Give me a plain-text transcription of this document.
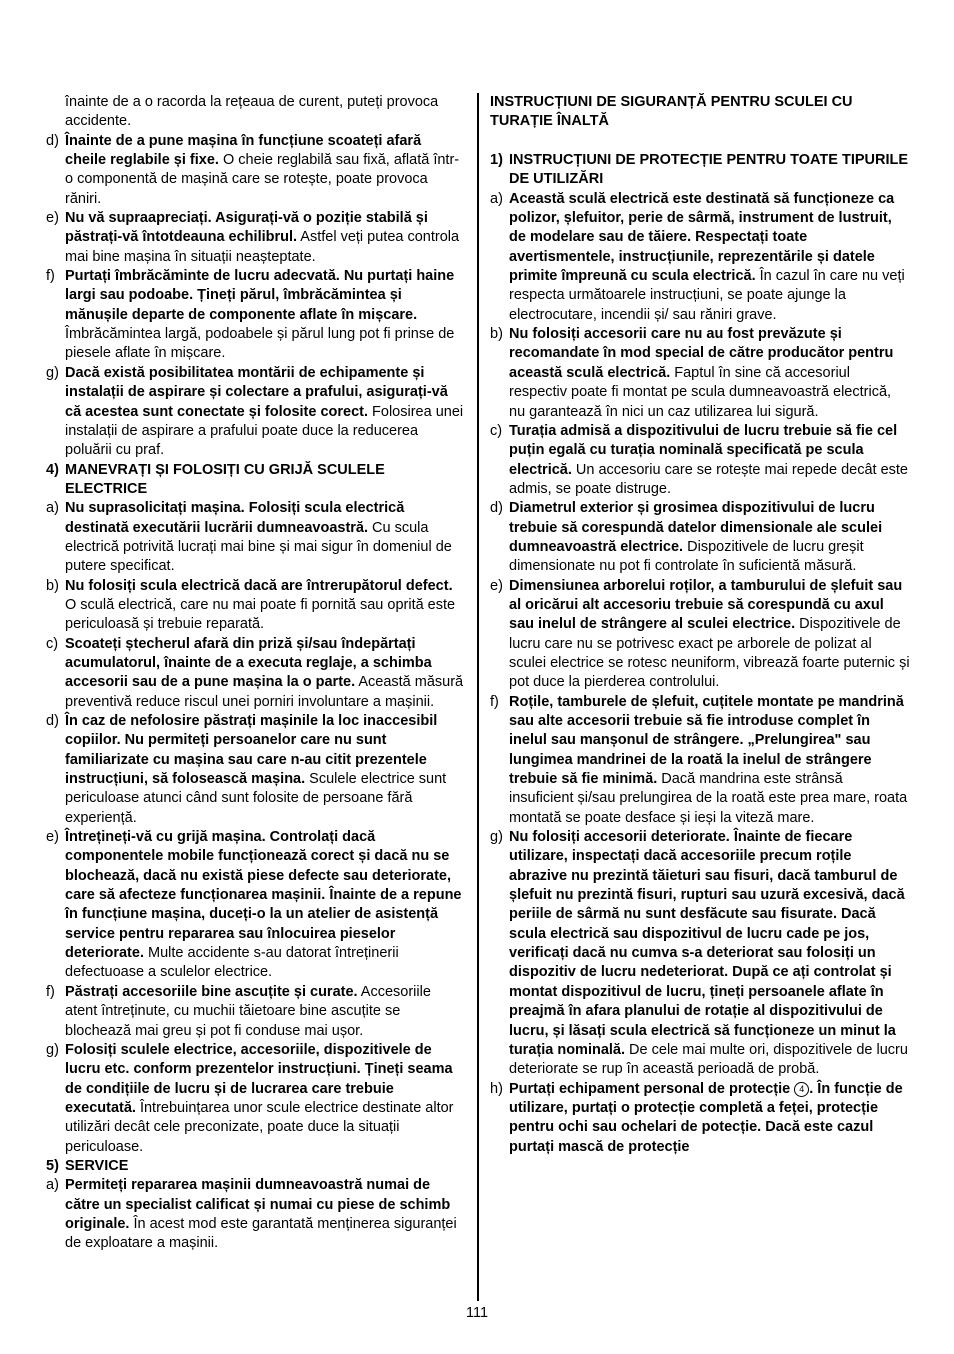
înainte de a o racorda la rețeaua de curent, puteți provoca accidente.
d) Înainte de a pune mașina în funcțiune scoateți afară cheile reglabile și fixe. O cheie reglabilă sau fixă, aflată într-o componentă de mașină care se rotește, poate provoca răniri.
e) Nu vă supraapreciați. Asigurați-vă o poziție stabilă și păstrați-vă întotdeauna echilibrul. Astfel veți putea controla mai bine mașina în situații neașteptate.
f) Purtați îmbrăcăminte de lucru adecvată. Nu purtați haine largi sau podoabe. Țineți părul, îmbrăcămintea și mănușile departe de componente aflate în mișcare. Îmbrăcămintea largă, podoabele și părul lung pot fi prinse de piesele aflate în mișcare.
g) Dacă există posibilitatea montării de echipamente și instalații de aspirare și colectare a prafului, asigurați-vă că acestea sunt conectate și folosite corect. Folosirea unei instalații de aspirare a prafului poate duce la reducerea poluării cu praf.
4) MANEVRAȚI ȘI FOLOSIȚI CU GRIJĂ SCULELE ELECTRICE
a) Nu suprasolicitați mașina. Folosiți scula electrică destinată executării lucrării dumneavoastră. Cu scula electrică potrivită lucrați mai bine și mai sigur în domeniul de putere specificat.
b) Nu folosiți scula electrică dacă are întrerupătorul defect. O sculă electrică, care nu mai poate fi pornită sau oprită este periculoasă și trebuie reparată.
c) Scoateți ștecherul afară din priză și/sau îndepărtați acumulatorul, înainte de a executa reglaje, a schimba accesorii sau de a pune mașina la o parte. Această măsură preventivă reduce riscul unei porniri involuntare a mașinii.
d) În caz de nefolosire păstrați mașinile la loc inaccesibil copiilor. Nu permiteți persoanelor care nu sunt familiarizate cu mașina sau care n-au citit prezentele instrucțiuni, să folosească mașina. Sculele electrice sunt periculoase atunci când sunt folosite de persoane fără experiență.
e) Întrețineți-vă cu grijă mașina. Controlați dacă componentele mobile funcționează corect și dacă nu se blochează, dacă nu există piese defecte sau deteriorate, care să afecteze funcționarea mașinii. Înainte de a repune în funcțiune mașina, duceți-o la un atelier de asistență service pentru repararea sau înlocuirea pieselor deteriorate. Multe accidente s-au datorat întreținerii defectuoase a sculelor electrice.
f) Păstrați accesoriile bine ascuțite și curate. Accesoriile atent întreținute, cu muchii tăietoare bine ascuțite se blochează mai greu și pot fi conduse mai ușor.
g) Folosiți sculele electrice, accesoriile, dispozitivele de lucru etc. conform prezentelor instrucțiuni. Țineți seama de condițiile de lucru și de lucrarea care trebuie executată. Întrebuințarea unor scule electrice destinate altor utilizări decât cele preconizate, poate duce la situații periculoase.
5) SERVICE
a) Permiteți repararea mașinii dumneavoastră numai de către un specialist calificat și numai cu piese de schimb originale. În acest mod este garantată menținerea siguranței de exploatare a mașinii.
INSTRUCȚIUNI DE SIGURANȚĂ PENTRU SCULEI CU TURAȚIE ÎNALTĂ
1) INSTRUCȚIUNI DE PROTECȚIE PENTRU TOATE TIPURILE DE UTILIZĂRI
a) Această sculă electrică este destinată să funcționeze ca polizor, șlefuitor, perie de sârmă, instrument de lustruit, de modelare sau de tăiere. Respectați toate avertismentele, instrucțiunile, reprezentările și datele primite împreună cu scula electrică. În cazul în care nu veți respecta următoarele instrucțiuni, se poate ajunge la electrocutare, incendii și/ sau răniri grave.
b) Nu folosiți accesorii care nu au fost prevăzute și recomandate în mod special de către producător pentru această sculă electrică. Faptul în sine că accesoriul respectiv poate fi montat pe scula dumneavoastră electrică, nu garantează în nici un caz utilizarea lui sigură.
c) Turația admisă a dispozitivului de lucru trebuie să fie cel puțin egală cu turația nominală specificată pe scula electrică. Un accesoriu care se rotește mai repede decât este admis, se poate distruge.
d) Diametrul exterior și grosimea dispozitivului de lucru trebuie să corespundă datelor dimensionale ale sculei dumneavoastră electrice. Dispozitivele de lucru greșit dimensionate nu pot fi controlate în suficientă măsură.
e) Dimensiunea arborelui roților, a tamburului de șlefuit sau al oricărui alt accesoriu trebuie să corespundă cu axul sau inelul de strângere al sculei electrice. Dispozitivele de lucru care nu se potrivesc exact pe arborele de polizat al sculei electrice se rotesc neuniform, vibrează foarte puternic și pot duce la pierderea controlului.
f) Roțile, tamburele de șlefuit, cuțitele montate pe mandrină sau alte accesorii trebuie să fie introduse complet în inelul sau manșonul de strângere. „Prelungirea" sau lungimea mandrinei de la roată la inelul de strângere trebuie să fie minimă. Dacă mandrina este strânsă insuficient și/sau prelungirea de la roată este prea mare, roata montată se poate desface și ieși la viteză mare.
g) Nu folosiți accesorii deteriorate. Înainte de fiecare utilizare, inspectați dacă accesoriile precum roțile abrazive nu prezintă tăieturi sau fisuri, dacă tamburul de șlefuit nu prezintă fisuri, rupturi sau uzură excesivă, dacă periile de sârmă nu sunt desfăcute sau fisurate. Dacă scula electrică sau dispozitivul de lucru cade pe jos, verificați dacă nu cumva s-a deteriorat sau folosiți un dispozitiv de lucru nedeteriorat. După ce ați controlat și montat dispozitivul de lucru, țineți persoanele aflate în preajmă în afara planului de rotație al dispozitivului de lucru, și lăsați scula electrică să funcționeze un minut la turația nominală. De cele mai multe ori, dispozitivele de lucru deteriorate se rup în această perioadă de probă.
h) Purtați echipament personal de protecție 4 . În funcție de utilizare, purtați o protecție completă a feței, protecție pentru ochi sau ochelari de potecție. Dacă este cazul purtați mască de protecție
111
